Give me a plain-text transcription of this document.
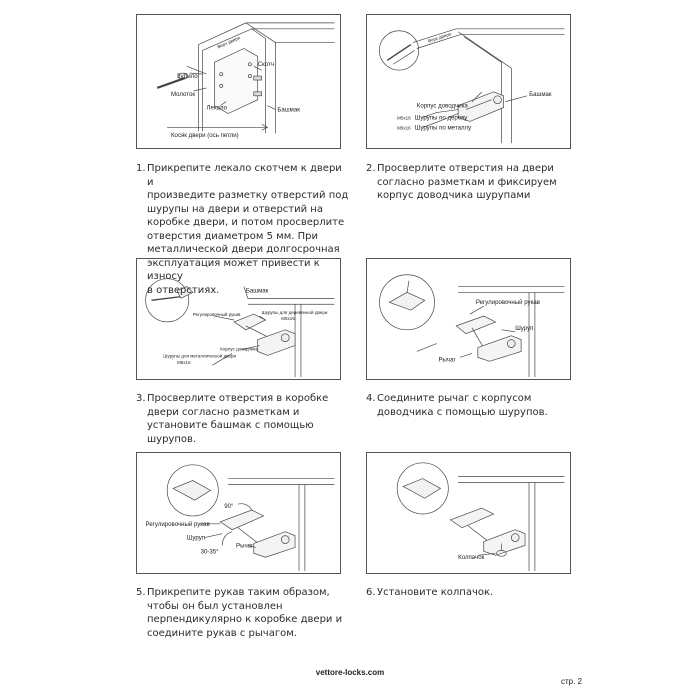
Зубило
Молоток
Лекало
Скотч
Башмак
Косяк двери (ось петли)
Верх двери	Верх двери
Башмак
Корпус доводчика
M5x16 Шурупы по дереву
M5x16 Шурупы по металлу
Башмак
Регулировочный рукав	Шурупы для деревянной двери
M5x16
Корпус доводчика
Шурупы для металлической двери
M5x16
Регулировочный рукав
Шуруп
Рычаг
Регулировочный рукав
Шуруп
Рычаг
90°
30-35°
Колпачок
1. Прикрепите лекало скотчем к двери и
произведите разметку отверстий под
шурупы на двери и отверстий на
коробке двери, и потом просверлите
отверстия диаметром 5 мм. При
металлической двери долгосрочная
эксплуатация может привести к износу
в отверстиях.
2. Просверлите отверстия на двери
согласно разметкам и фиксируем
корпус доводчика шурупами
3. Просверлите отверстия в коробке
двери согласно разметкам и
установите башмак с помощью
шурупов.
4. Соедините рычаг с корпусом
доводчика с помощью шурупов.
5. Прикрепите рукав таким образом,
чтобы он был установлен
перпендикулярно к коробке двери и
соедините рукав с рычагом.
6. Установите колпачок.
vettore-locks.com
стр. 2
